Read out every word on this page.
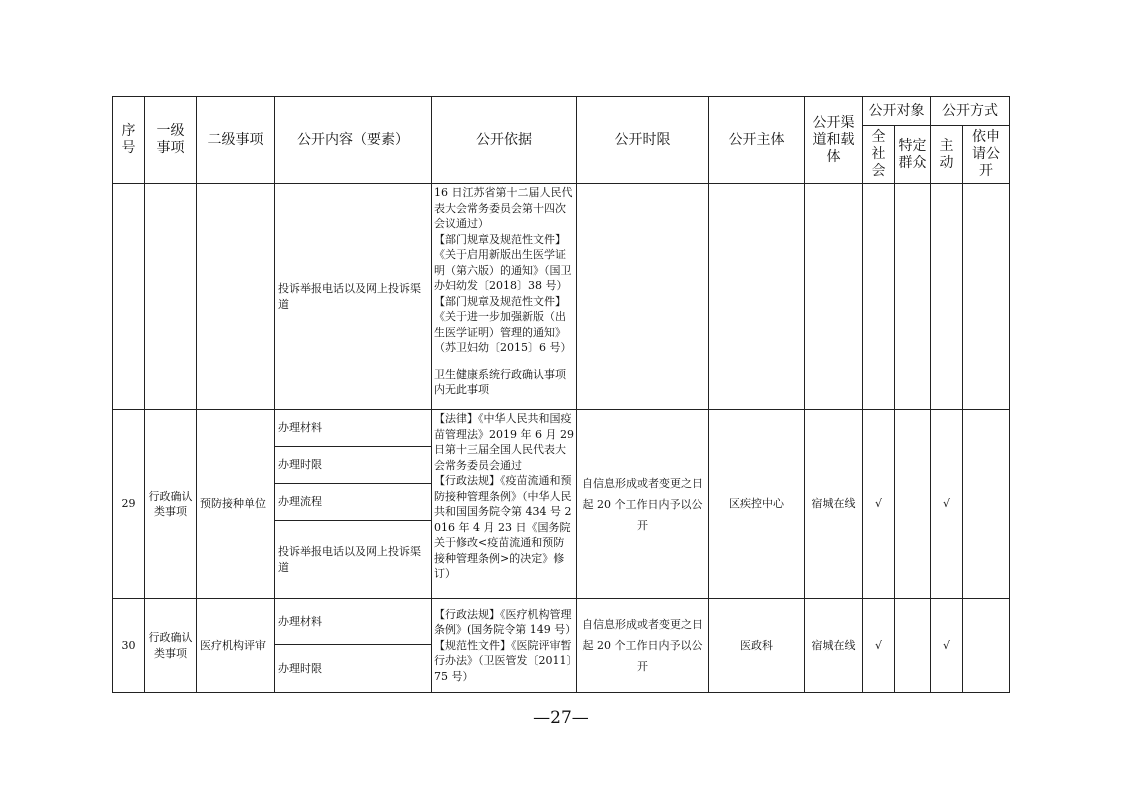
序号	一级事项	二级事项	公开内容（要素）	公开依据	公开时限	公开主体	公开渠道和载体	公开对象		公开方式	
								全社会	特定群众	主动	依申请公开
			投诉举报电话以及网上投诉渠道	16 日江苏省第十二届人民代表大会常务委员会第十四次会议通过）
【部门规章及规范性文件】《关于启用新版出生医学证明（第六版）的通知》（国卫办妇幼发〔2018〕38 号）
【部门规章及规范性文件】《关于进一步加强新版（出生医学证明）管理的通知》（苏卫妇幼〔2015〕6 号）
卫生健康系统行政确认事项内无此事项							

29	行政确认类事项	预防接种单位	办理材料	【法律】《中华人民共和国疫苗管理法》2019 年 6 月 29 日第十三届全国人民代表大会常务委员会通过
【行政法规】《疫苗流通和预防接种管理条例》（中华人民共和国国务院令第 434 号 2016 年 4 月 23 日《国务院关于修改<疫苗流通和预防接种管理条例>的决定》修订）	自信息形成或者变更之日起 20 个工作日内予以公开	区疾控中心	宿城在线	√		√	
			办理时限								
			办理流程								
			投诉举报电话以及网上投诉渠道								
30	行政确认类事项	医疗机构评审	办理材料	【行政法规】《医疗机构管理条例》(国务院令第 149 号）【规范性文件】《医院评审暂行办法》（卫医管发〔2011〕75 号）	自信息形成或者变更之日起 20 个工作日内予以公开	医政科	宿城在线	√		√	
			办理时限								
—27—
